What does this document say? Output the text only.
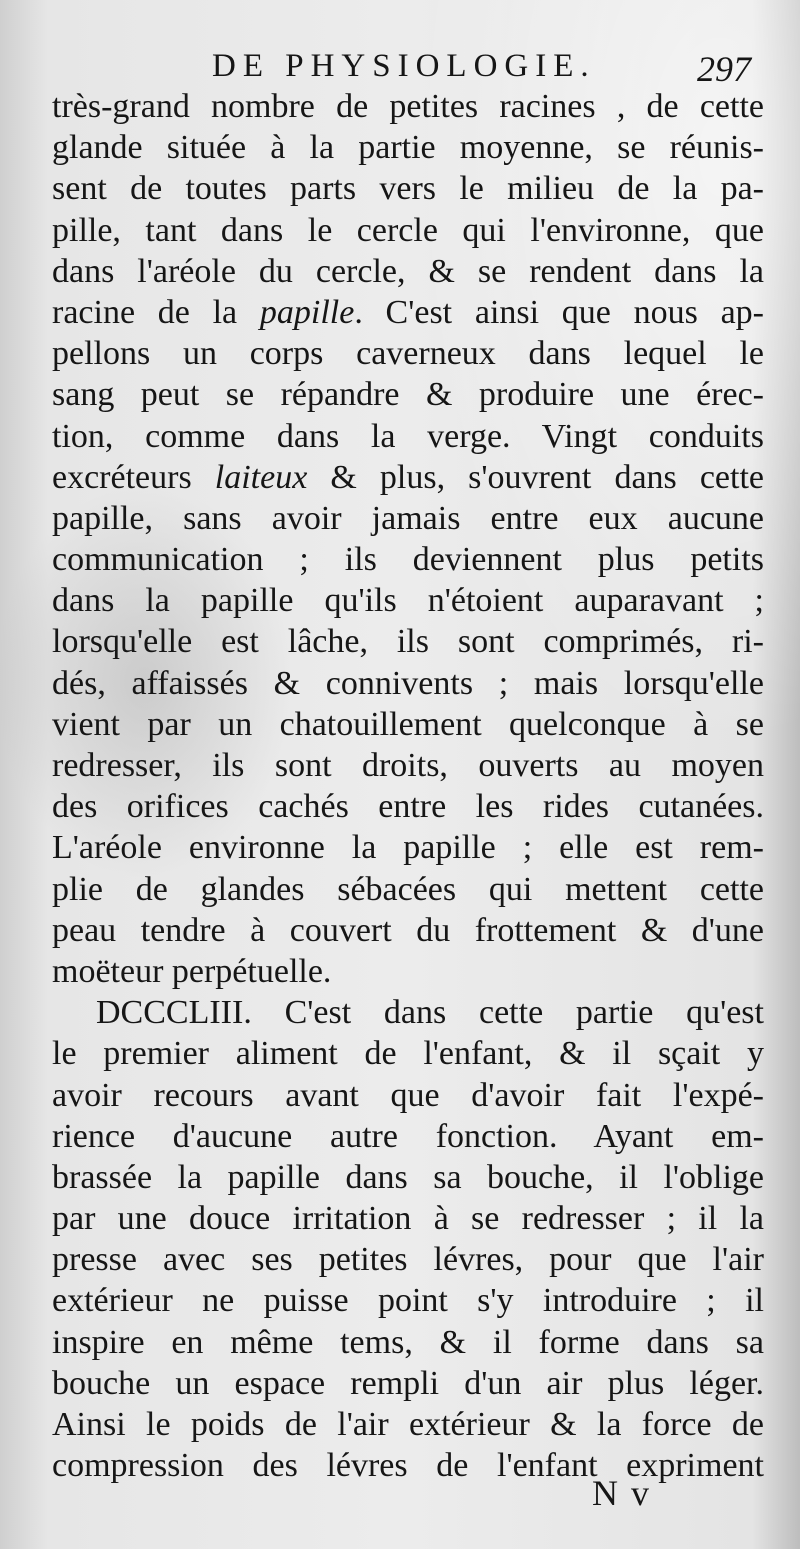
DE PHYSIOLOGIE.	297
très-grand nombre de petites racines , de cette
glande située à la partie moyenne, se réunis-
sent de toutes parts vers le milieu de la pa-
pille, tant dans le cercle qui l'environne, que
dans l'aréole du cercle, & se rendent dans la
racine de la papille. C'est ainsi que nous ap-
pellons un corps caverneux dans lequel le
sang peut se répandre & produire une érec-
tion, comme dans la verge. Vingt conduits
excréteurs laiteux & plus, s'ouvrent dans cette
papille, sans avoir jamais entre eux aucune
communication ; ils deviennent plus petits
dans la papille qu'ils n'étoient auparavant ;
lorsqu'elle est lâche, ils sont comprimés, ri-
dés, affaissés & connivents ; mais lorsqu'elle
vient par un chatouillement quelconque à se
redresser, ils sont droits, ouverts au moyen
des orifices cachés entre les rides cutanées.
L'aréole environne la papille ; elle est rem-
plie de glandes sébacées qui mettent cette
peau tendre à couvert du frottement & d'une
moëteur perpétuelle.
DCCCLIII. C'est dans cette partie qu'est
le premier aliment de l'enfant, & il sçait y
avoir recours avant que d'avoir fait l'expé-
rience d'aucune autre fonction. Ayant em-
brassée la papille dans sa bouche, il l'oblige
par une douce irritation à se redresser ; il la
presse avec ses petites lévres, pour que l'air
extérieur ne puisse point s'y introduire ; il
inspire en même tems, & il forme dans sa
bouche un espace rempli d'un air plus léger.
Ainsi le poids de l'air extérieur & la force de
compression des lévres de l'enfant expriment
N v
